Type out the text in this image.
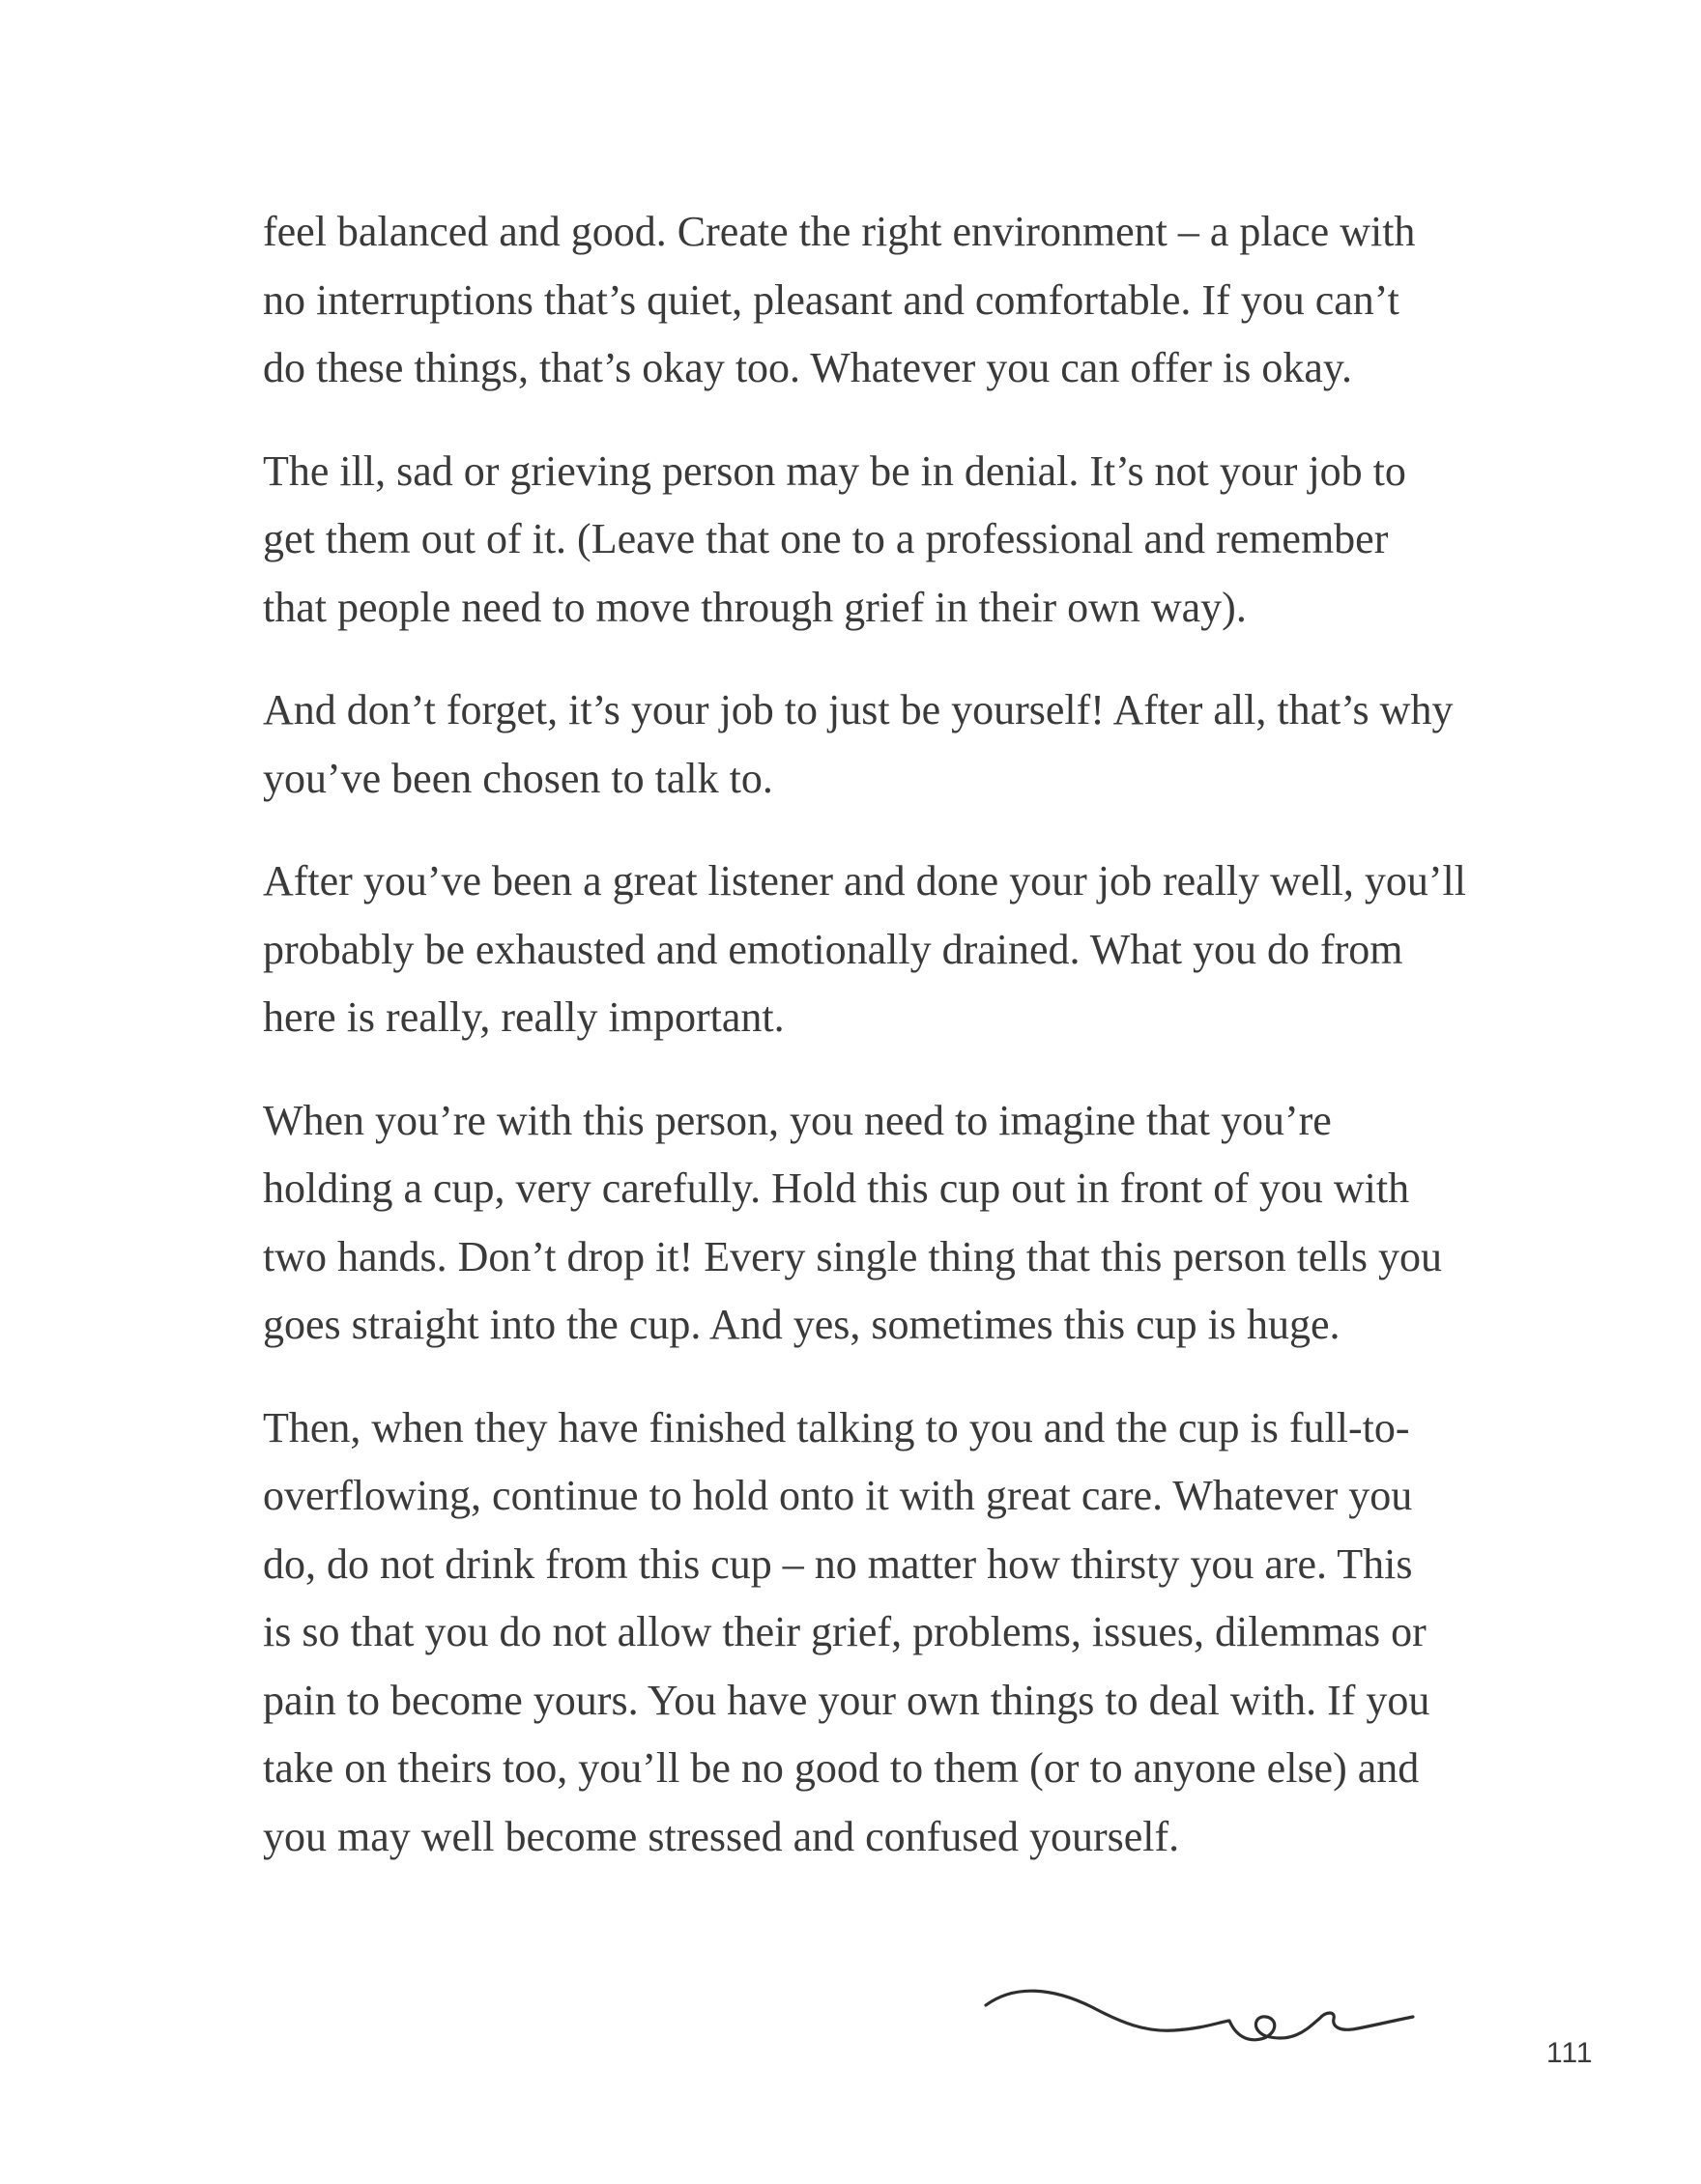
feel balanced and good. Create the right environment – a place with
no interruptions that’s quiet, pleasant and comfortable. If you can’t
do these things, that’s okay too. Whatever you can offer is okay.

The ill, sad or grieving person may be in denial. It’s not your job to
get them out of it. (Leave that one to a professional and remember
that people need to move through grief in their own way).

And don’t forget, it’s your job to just be yourself! After all, that’s why
you’ve been chosen to talk to.

After you’ve been a great listener and done your job really well, you’ll
probably be exhausted and emotionally drained. What you do from
here is really, really important.

When you’re with this person, you need to imagine that you’re
holding a cup, very carefully. Hold this cup out in front of you with
two hands. Don’t drop it! Every single thing that this person tells you
goes straight into the cup. And yes, sometimes this cup is huge.

Then, when they have finished talking to you and the cup is full-to-
overflowing, continue to hold onto it with great care. Whatever you
do, do not drink from this cup – no matter how thirsty you are. This
is so that you do not allow their grief, problems, issues, dilemmas or
pain to become yours. You have your own things to deal with. If you
take on theirs too, you’ll be no good to them (or to anyone else) and
you may well become stressed and confused yourself.

111
